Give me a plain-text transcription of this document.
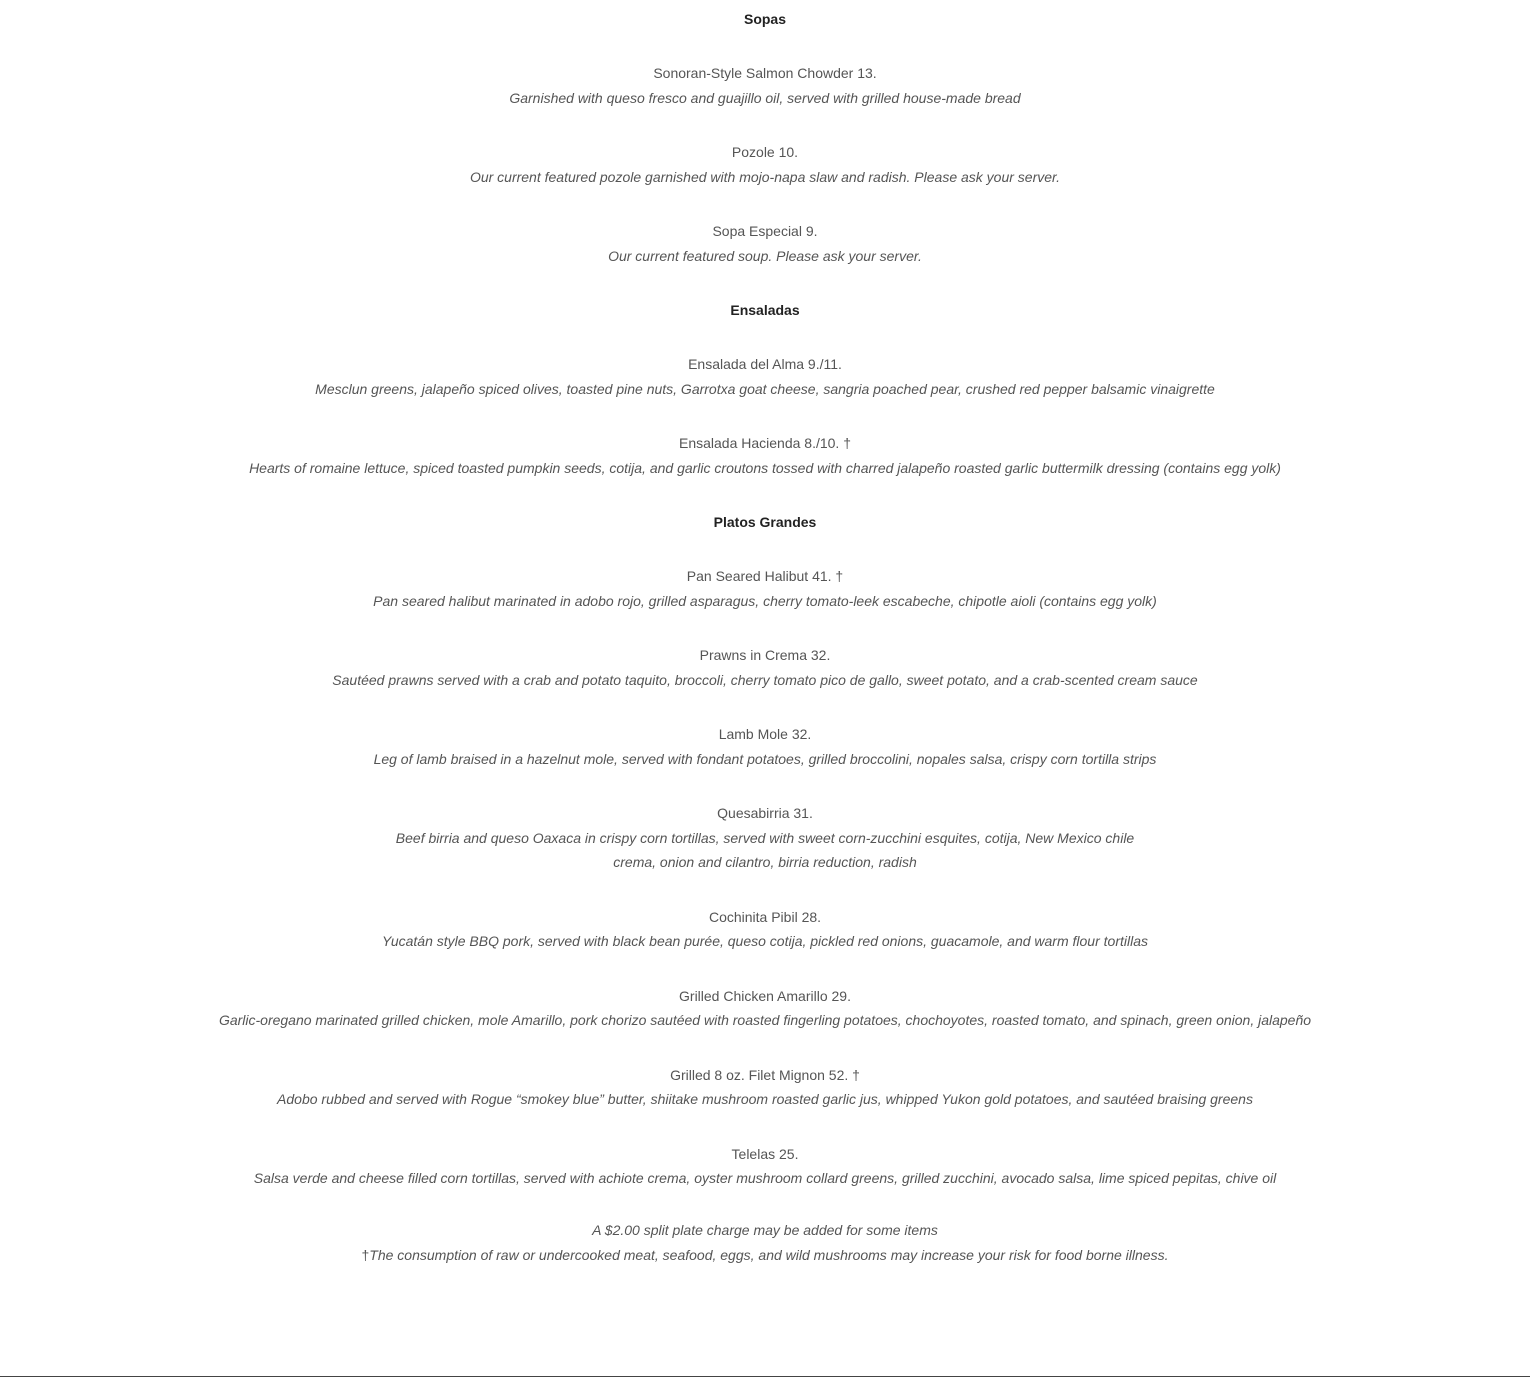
Sopas
Sonoran-Style Salmon Chowder 13.
Garnished with queso fresco and guajillo oil, served with grilled house-made bread
Pozole 10.
Our current featured pozole garnished with mojo-napa slaw and radish. Please ask your server.
Sopa Especial 9.
Our current featured soup. Please ask your server.
Ensaladas
Ensalada del Alma 9./11.
Mesclun greens, jalapeño spiced olives, toasted pine nuts, Garrotxa goat cheese, sangria poached pear, crushed red pepper balsamic vinaigrette
Ensalada Hacienda 8./10. †
Hearts of romaine lettuce, spiced toasted pumpkin seeds, cotija, and garlic croutons tossed with charred jalapeño roasted garlic buttermilk dressing (contains egg yolk)
Platos Grandes
Pan Seared Halibut 41. †
Pan seared halibut marinated in adobo rojo, grilled asparagus, cherry tomato-leek escabeche, chipotle aioli (contains egg yolk)
Prawns in Crema 32.
Sautéed prawns served with a crab and potato taquito, broccoli, cherry tomato pico de gallo, sweet potato, and a crab-scented cream sauce
Lamb Mole 32.
Leg of lamb braised in a hazelnut mole, served with fondant potatoes, grilled broccolini, nopales salsa, crispy corn tortilla strips
Quesabirria 31.
Beef birria and queso Oaxaca in crispy corn tortillas, served with sweet corn-zucchini esquites, cotija, New Mexico chile
crema, onion and cilantro, birria reduction, radish
Cochinita Pibil 28.
Yucatán style BBQ pork, served with black bean purée, queso cotija, pickled red onions, guacamole, and warm flour tortillas
Grilled Chicken Amarillo 29.
Garlic-oregano marinated grilled chicken, mole Amarillo, pork chorizo sautéed with roasted fingerling potatoes, chochoyotes, roasted tomato, and spinach, green onion, jalapeño
Grilled 8 oz. Filet Mignon 52. †
Adobo rubbed and served with Rogue “smokey blue” butter, shiitake mushroom roasted garlic jus, whipped Yukon gold potatoes, and sautéed braising greens
Telelas 25.
Salsa verde and cheese filled corn tortillas, served with achiote crema, oyster mushroom collard greens, grilled zucchini, avocado salsa, lime spiced pepitas, chive oil
A $2.00 split plate charge may be added for some items
†The consumption of raw or undercooked meat, seafood, eggs, and wild mushrooms may increase your risk for food borne illness.
